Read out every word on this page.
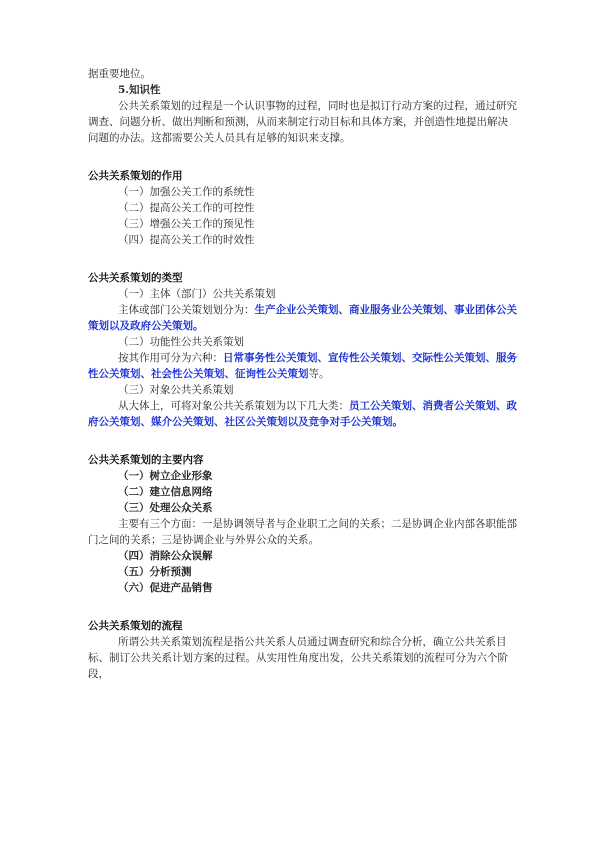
据重要地位。

5.知识性

公共关系策划的过程是一个认识事物的过程，同时也是拟订行动方案的过程，通过研究调查、问题分析、做出判断和预测，从而来制定行动目标和具体方案，并创造性地提出解决问题的办法。这都需要公关人员具有足够的知识来支撑。

公共关系策划的作用

（一）加强公关工作的系统性

（二）提高公关工作的可控性

（三）增强公关工作的预见性

（四）提高公关工作的时效性

公共关系策划的类型

（一）主体（部门）公共关系策划

主体或部门公关策划划分为：生产企业公关策划、商业服务业公关策划、事业团体公关策划以及政府公关策划。

（二）功能性公共关系策划

按其作用可分为六种：日常事务性公关策划、宣传性公关策划、交际性公关策划、服务性公关策划、社会性公关策划、征询性公关策划等。

（三）对象公共关系策划

从大体上，可将对象公共关系策划为以下几大类：员工公关策划、消费者公关策划、政府公关策划、媒介公关策划、社区公关策划以及竞争对手公关策划。

公共关系策划的主要内容

（一）树立企业形象

（二）建立信息网络

（三）处理公众关系

主要有三个方面：一是协调领导者与企业职工之间的关系；二是协调企业内部各职能部门之间的关系；三是协调企业与外界公众的关系。

（四）消除公众误解

（五）分析预测

（六）促进产品销售

公共关系策划的流程

所谓公共关系策划流程是指公共关系人员通过调查研究和综合分析，确立公共关系目标、制订公共关系计划方案的过程。从实用性角度出发，公共关系策划的流程可分为六个阶段，
